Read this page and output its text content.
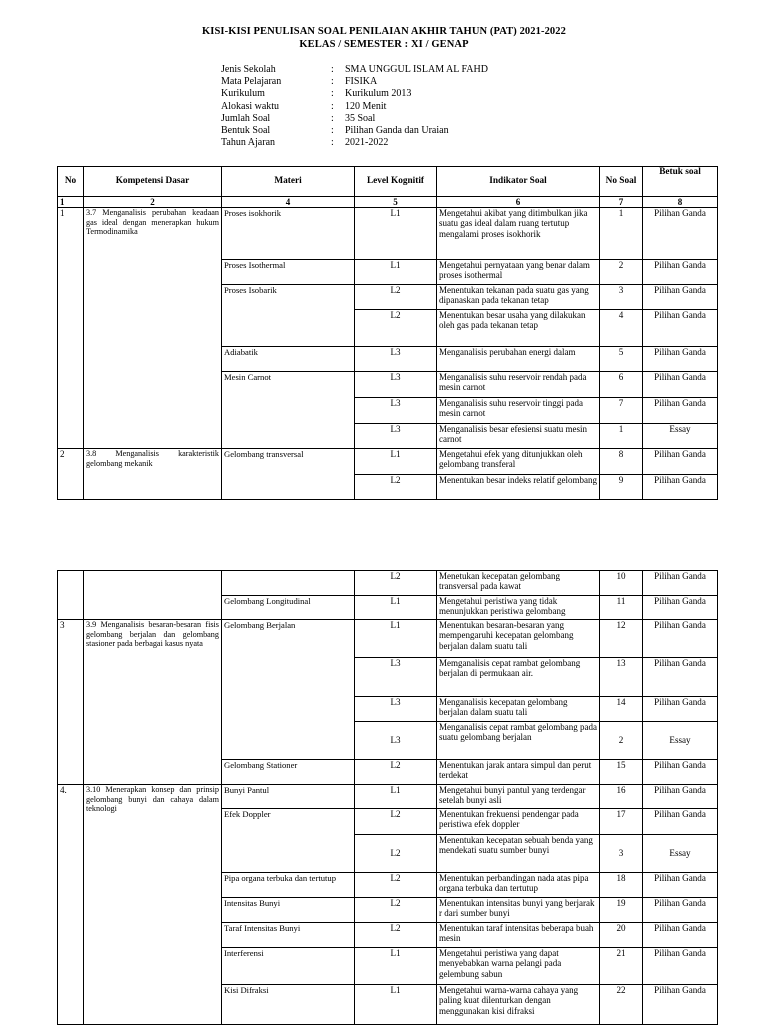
KISI-KISI PENULISAN SOAL PENILAIAN AKHIR TAHUN (PAT) 2021-2022
KELAS / SEMESTER : XI / GENAP
Jenis Sekolah	:	SMA UNGGUL ISLAM AL FAHD
Mata Pelajaran	:	FISIKA
Kurikulum	:	Kurikulum 2013
Alokasi waktu	:	120 Menit
Jumlah Soal	:	35 Soal
Bentuk Soal	:	Pilihan Ganda dan Uraian
Tahun Ajaran	:	2021-2022
No	Kompetensi Dasar	Materi	Level Kognitif	Indikator Soal	No Soal	Betuk soal
1	2	4	5	6	7	8
1	3.7 Menganalisis perubahan keadaan gas ideal dengan menerapkan hukum Termodinamika	Proses isokhorik	L1	Mengetahui akibat yang ditimbulkan jika suatu gas ideal dalam ruang tertutup mengalami proses isokhorik	1	Pilihan Ganda
		Proses Isothermal	L1	Mengetahui pernyataan yang benar dalam proses isothermal	2	Pilihan Ganda
		Proses Isobarik	L2	Menentukan tekanan pada suatu gas yang dipanaskan pada tekanan tetap	3	Pilihan Ganda
			L2	Menentukan besar usaha yang dilakukan oleh gas pada tekanan tetap	4	Pilihan Ganda
		Adiabatik	L3	Menganalisis perubahan energi dalam	5	Pilihan Ganda
		Mesin Carnot	L3	Menganalisis suhu reservoir rendah pada mesin carnot	6	Pilihan Ganda
			L3	Menganalisis suhu reservoir tinggi pada mesin carnot	7	Pilihan Ganda
			L3	Menganalisis besar efesiensi suatu mesin carnot	1	Essay
2	3.8 Menganalisis karakteristik gelombang mekanik	Gelombang transversal	L1	Mengetahui efek yang ditunjukkan oleh gelombang transferal	8	Pilihan Ganda
			L2	Menentukan besar indeks relatif gelombang	9	Pilihan Ganda
			L2	Menetukan kecepatan gelombang transversal pada kawat	10	Pilihan Ganda
		Gelombang Longitudinal	L1	Mengetahui peristiwa yang tidak menunjukkan peristiwa gelombang	11	Pilihan Ganda
3	3.9 Menganalisis besaran-besaran fisis gelombang berjalan dan gelombang stasioner pada berbagai kasus nyata	Gelombang Berjalan	L1	Menentukan besaran-besaran yang mempengaruhi kecepatan gelombang berjalan dalam suatu tali	12	Pilihan Ganda
			L3	Memganalisis cepat rambat gelombang berjalan di permukaan air.	13	Pilihan Ganda
			L3	Menganalisis kecepatan gelombang berjalan dalam suatu tali	14	Pilihan Ganda
			L3	Menganalisis cepat rambat gelombang pada suatu gelombang berjalan	2	Essay
		Gelombang Stationer	L2	Menentukan jarak antara simpul dan perut terdekat	15	Pilihan Ganda
4.	3.10 Menerapkan konsep dan prinsip gelombang bunyi dan cahaya dalam teknologi	Bunyi Pantul	L1	Mengetahui bunyi pantul yang terdengar setelah bunyi asli	16	Pilihan Ganda
		Efek Doppler	L2	Menentukan frekuensi pendengar pada peristiwa efek doppler	17	Pilihan Ganda
			L2	Menentukan kecepatan sebuah benda yang mendekati suatu sumber bunyi	3	Essay
		Pipa organa terbuka dan tertutup	L2	Menentukan perbandingan nada atas pipa organa terbuka dan tertutup	18	Pilihan Ganda
		Intensitas Bunyi	L2	Menentukan intensitas bunyi yang berjarak r dari sumber bunyi	19	Pilihan Ganda
		Taraf Intensitas Bunyi	L2	Menentukan taraf intensitas beberapa buah mesin	20	Pilihan Ganda
		Interferensi	L1	Mengetahui peristiwa yang dapat menyebabkan warna pelangi pada gelembung sabun	21	Pilihan Ganda
		Kisi Difraksi	L1	Mengetahui warna-warna cahaya yang paling kuat dilenturkan dengan menggunakan kisi difraksi	22	Pilihan Ganda
